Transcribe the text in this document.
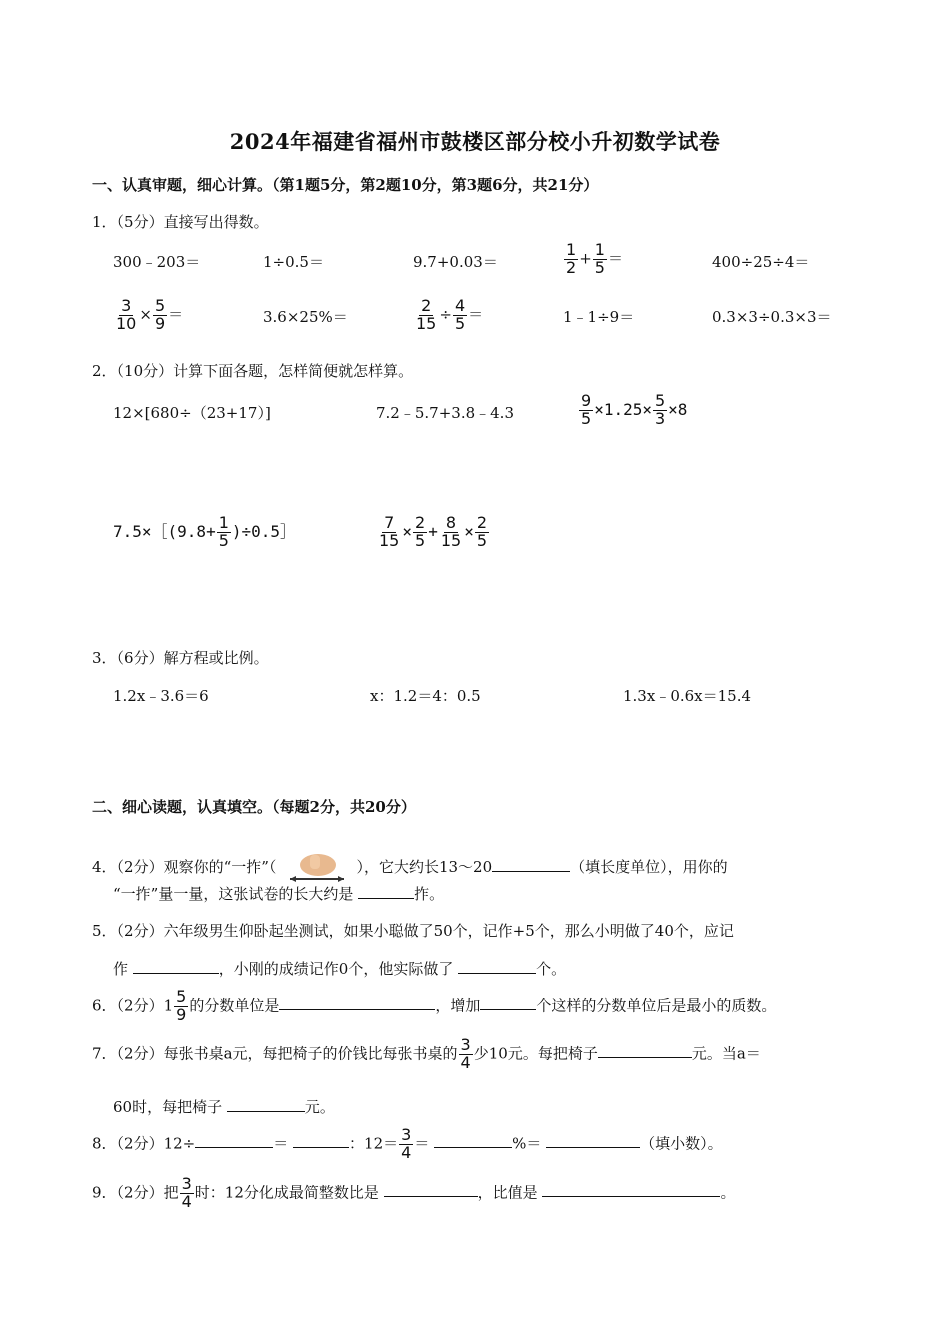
2024年福建省福州市鼓楼区部分校小升初数学试卷
一、认真审题，细心计算。（第1题5分，第2题10分，第3题6分，共21分）
1．（5分）直接写出得数。
300﹣203＝	1÷0.5＝	9.7+0.03＝	$\frac{1}{2} + \frac{1}{5}$ ＝	400÷25÷4＝
$\frac{3}{10} \times \frac{5}{9}$ ＝	3.6×25%＝	$\frac{2}{15} \div \frac{4}{5}$ ＝	1﹣1÷9＝	0.3×3÷0.3×3＝
2．（10分）计算下面各题，怎样简便就怎样算。
12×[680÷（23+17）]	7.2﹣5.7+3.8﹣4.3	$\frac{9}{5} \times 1.25\times \frac{5}{3} \times 8$
7.5×［(9.8+ $\frac{1}{5}$ )÷0.5］	$\frac{7}{15} \times \frac{2}{5} + \frac{8}{15} \times \frac{2}{5}$
3．（6分）解方程或比例。
1.2x﹣3.6＝6	x：1.2＝4：0.5	1.3x﹣0.6x＝15.4
二、细心读题，认真填空。（每题2分，共20分）
4．（2分）观察你的“一拃”（	），它大约长13～20	（填长度单位），用你的
“一拃”量一量，这张试卷的长大约是	拃。
5．（2分）六年级男生仰卧起坐测试，如果小聪做了50个，记作+5个，那么小明做了40个，应记
作	，小刚的成绩记作0个，他实际做了	个。
6．（2分）$1 \frac{5}{9}$ 的分数单位是	，增加	个这样的分数单位后是最小的质数。
7．（2分）每张书桌a元，每把椅子的价钱比每张书桌的 $\frac{3}{4}$ 少10元。每把椅子	元。当a＝
60时，每把椅子	元。
8．（2分）12÷	＝	：$12= \frac{3}{4}$ ＝	%＝	（填小数）。
9．（2分）把 $\frac{3}{4}$ 时：12分化成最简整数比是	，比值是	。
